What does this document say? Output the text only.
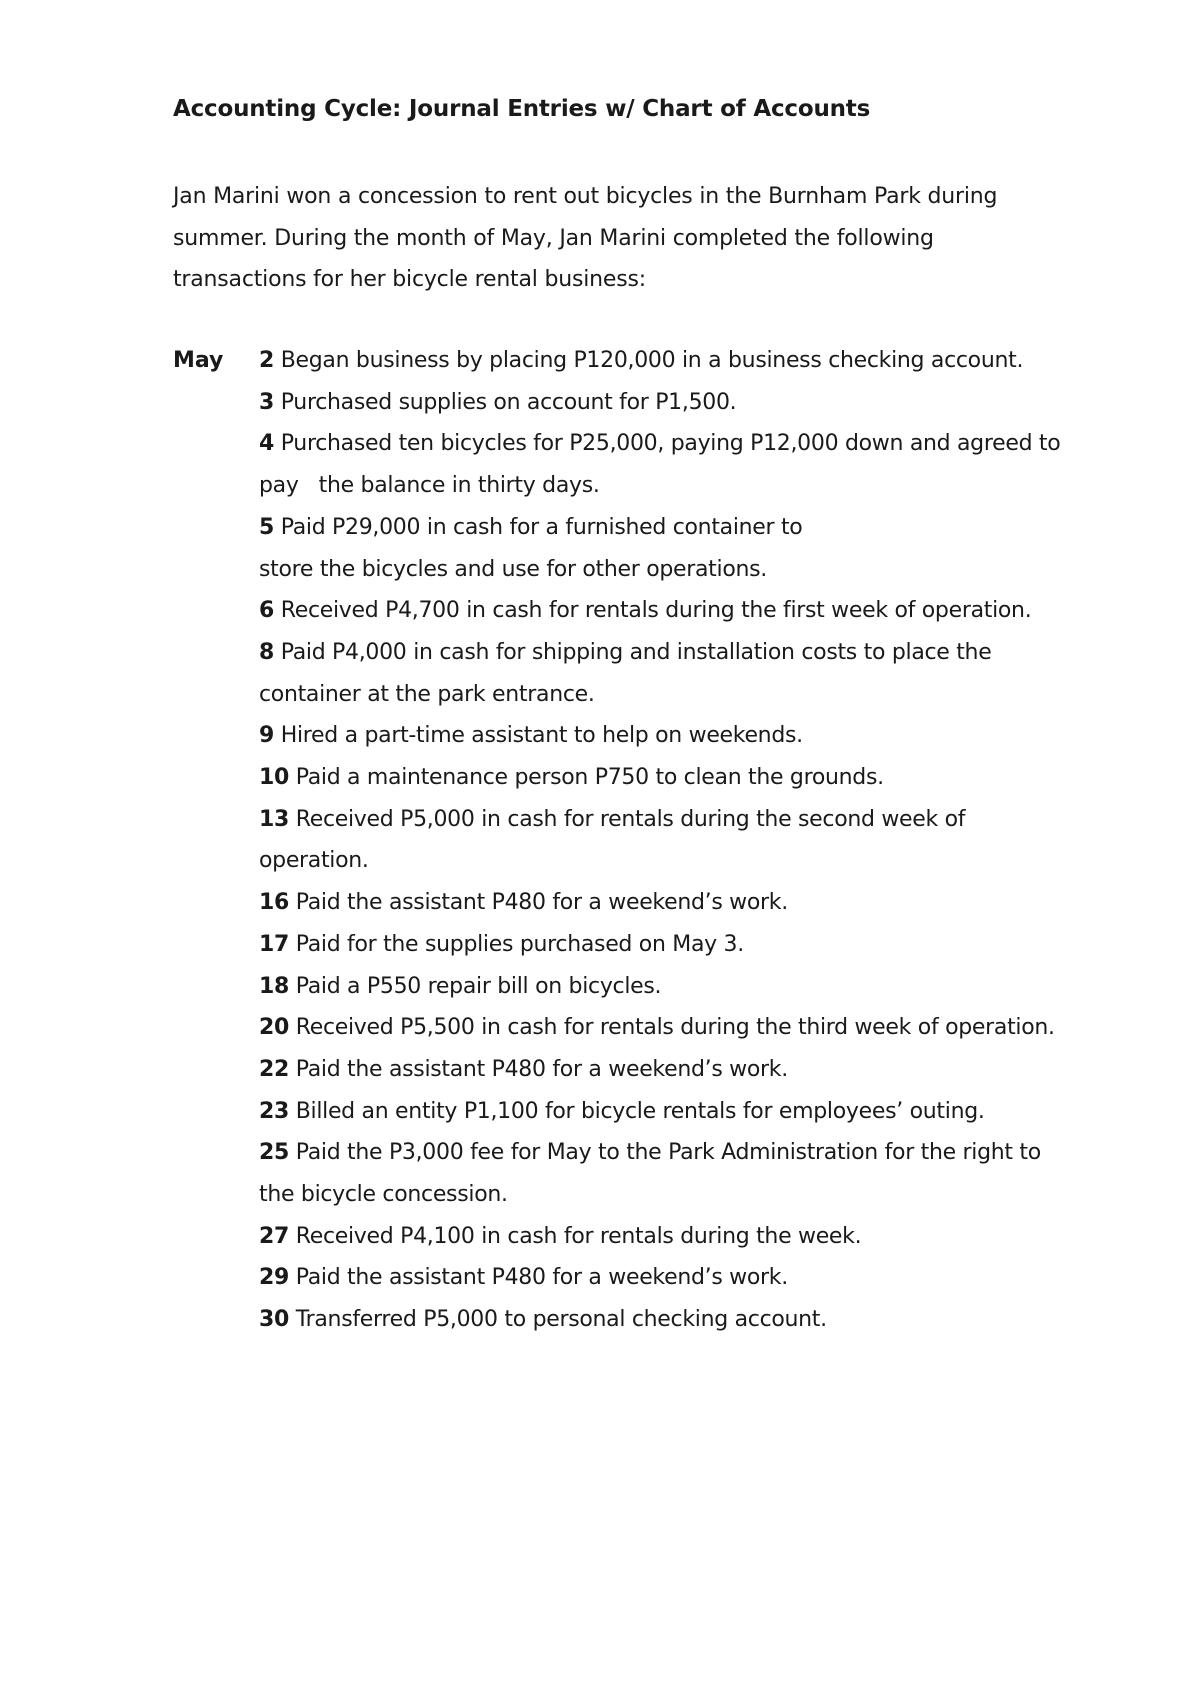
Accounting Cycle: Journal Entries w/ Chart of Accounts
Jan Marini won a concession to rent out bicycles in the Burnham Park during
summer. During the month of May, Jan Marini completed the following
transactions for her bicycle rental business:
May 2 Began business by placing P120,000 in a business checking account.
3 Purchased supplies on account for P1,500.
4 Purchased ten bicycles for P25,000, paying P12,000 down and agreed to
pay   the balance in thirty days.
5 Paid P29,000 in cash for a furnished container to
store the bicycles and use for other operations.
6 Received P4,700 in cash for rentals during the first week of operation.
8 Paid P4,000 in cash for shipping and installation costs to place the
container at the park entrance.
9 Hired a part-time assistant to help on weekends.
10 Paid a maintenance person P750 to clean the grounds.
13 Received P5,000 in cash for rentals during the second week of
operation.
16 Paid the assistant P480 for a weekend’s work.
17 Paid for the supplies purchased on May 3.
18 Paid a P550 repair bill on bicycles.
20 Received P5,500 in cash for rentals during the third week of operation.
22 Paid the assistant P480 for a weekend’s work.
23 Billed an entity P1,100 for bicycle rentals for employees’ outing.
25 Paid the P3,000 fee for May to the Park Administration for the right to
the bicycle concession.
27 Received P4,100 in cash for rentals during the week.
29 Paid the assistant P480 for a weekend’s work.
30 Transferred P5,000 to personal checking account.
